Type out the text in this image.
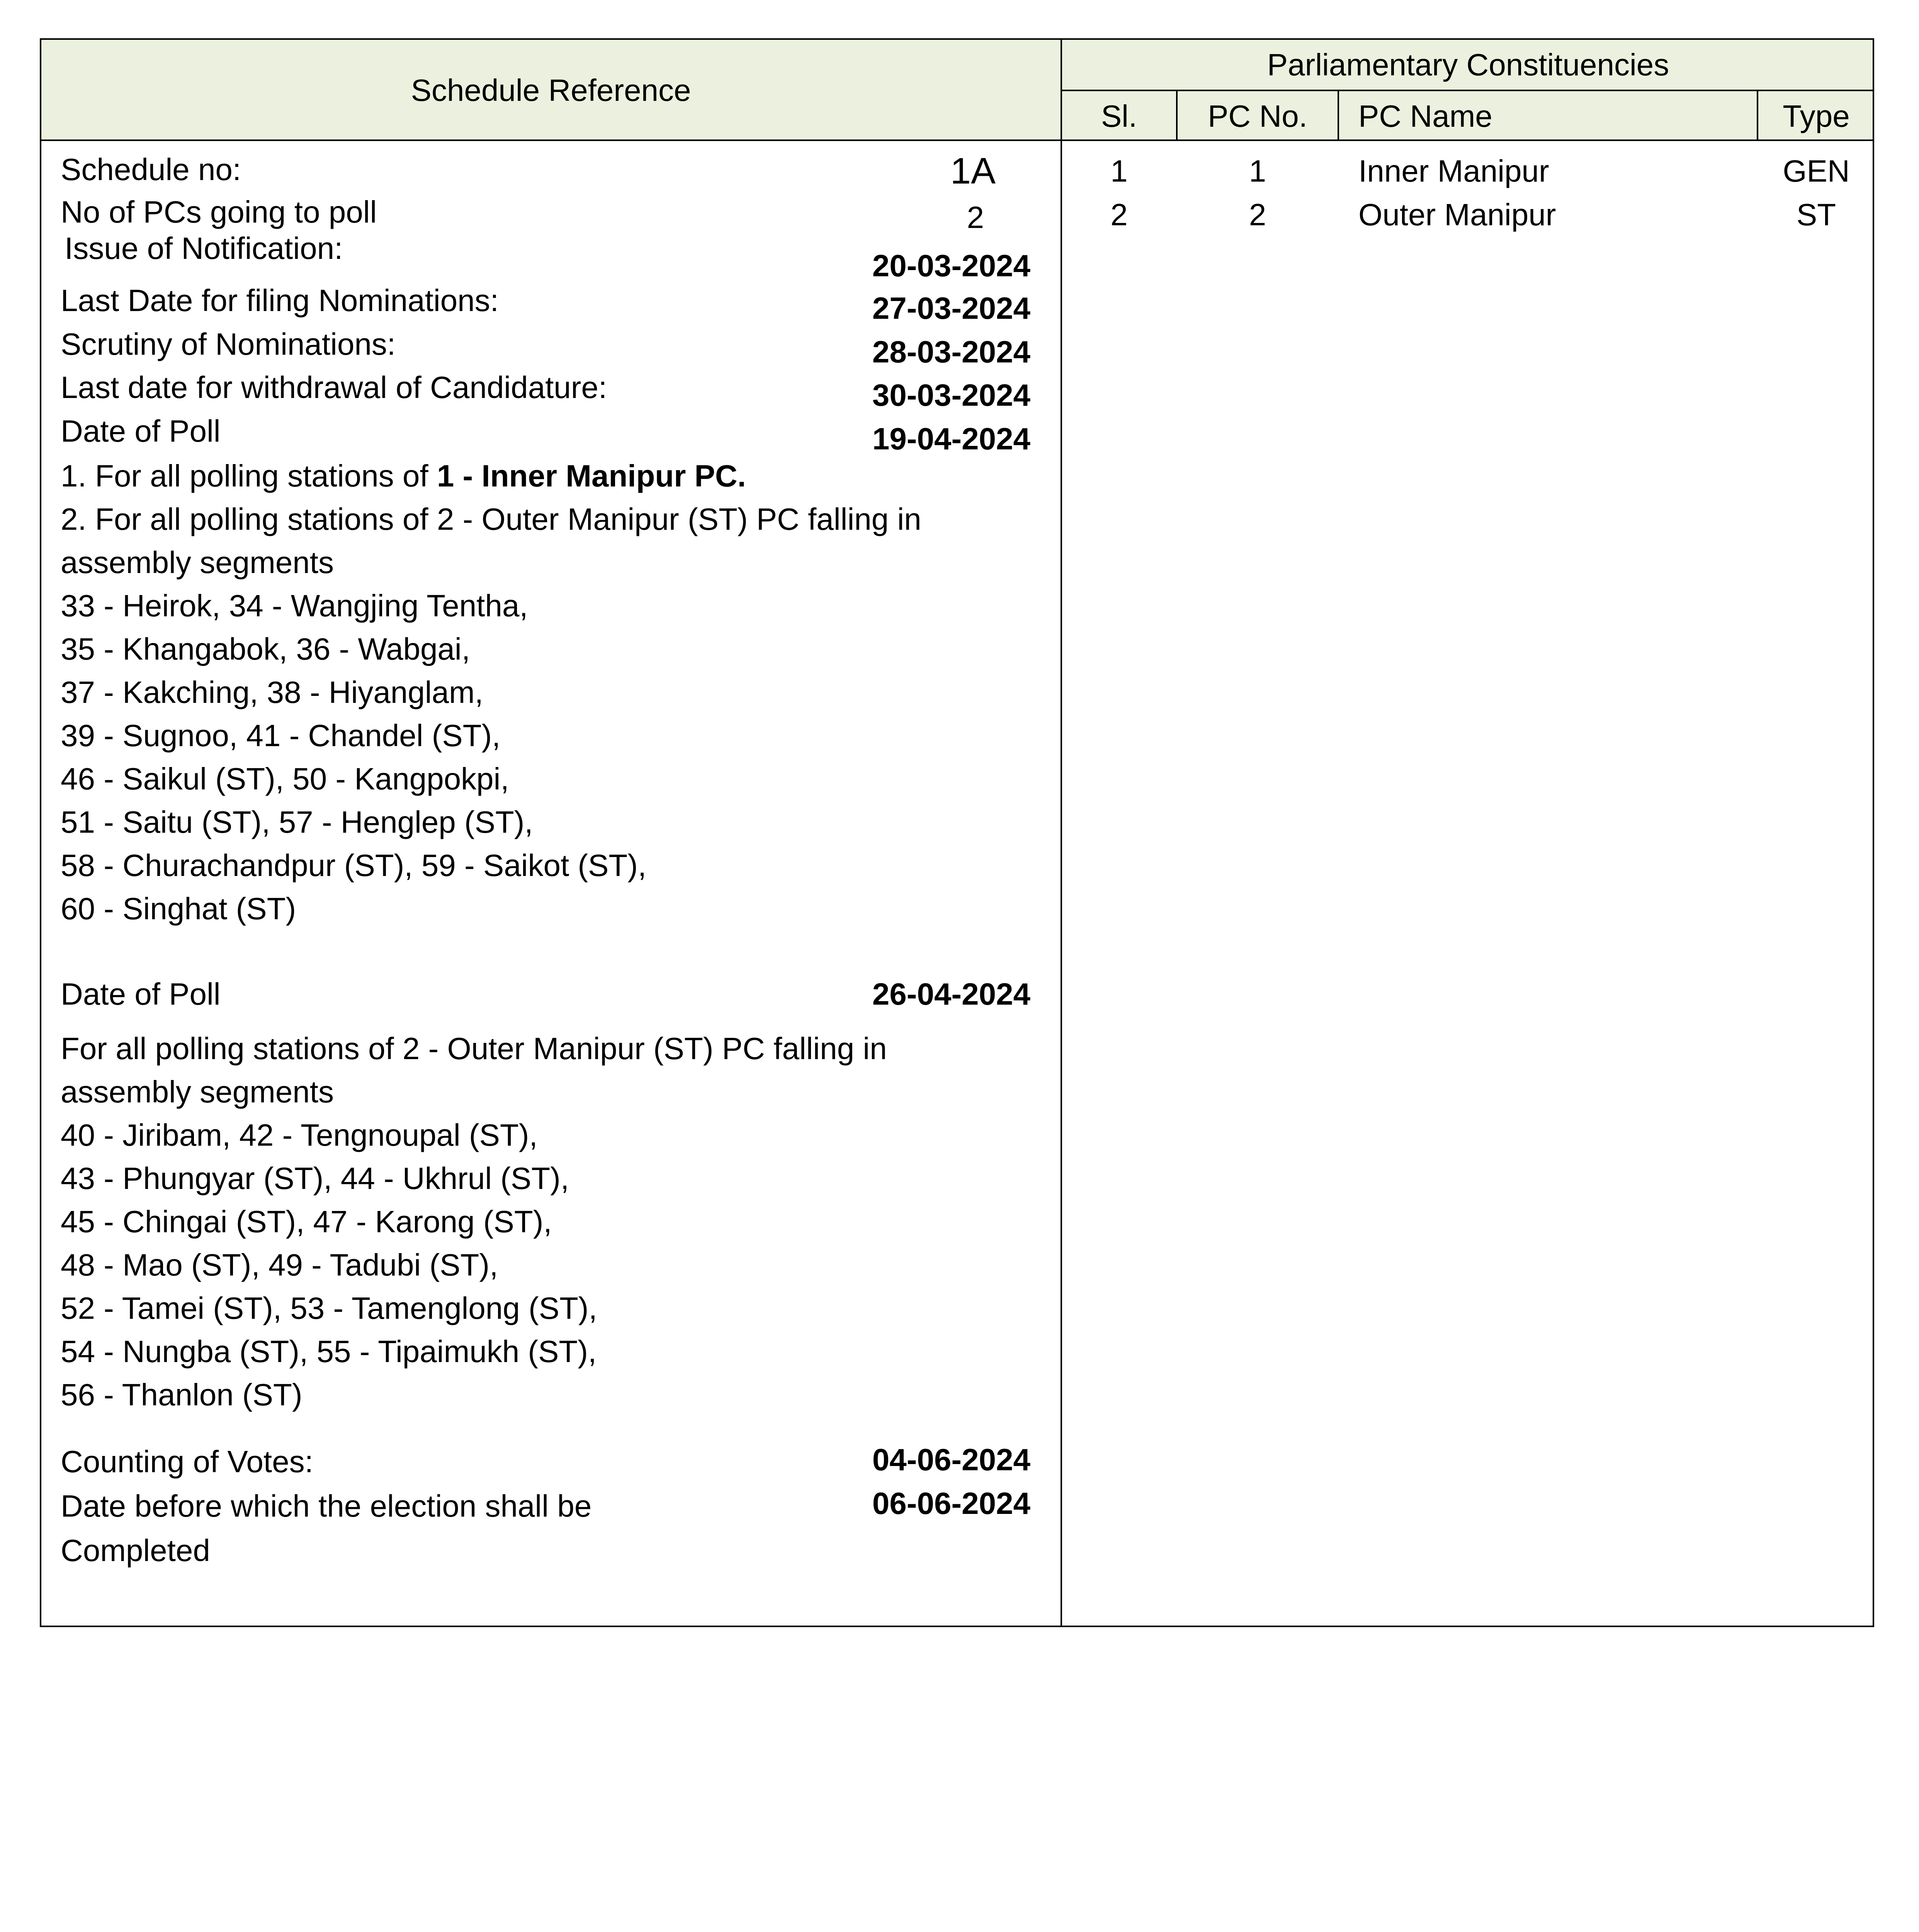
Schedule Reference
Parliamentary Constituencies
Sl.	PC No.	PC Name	Type
Schedule no:	1A
No of PCs going to poll	2
Issue of Notification:
20-03-2024
Last Date for filing Nominations:	27-03-2024
Scrutiny of Nominations:	28-03-2024
Last date for withdrawal of Candidature:	30-03-2024
Date of Poll	19-04-2024
1. For all polling stations of 1 - Inner Manipur PC.
2. For all polling stations of 2 - Outer Manipur (ST) PC falling in
assembly segments
33 - Heirok, 34 - Wangjing Tentha,
35 - Khangabok, 36 - Wabgai,
37 - Kakching, 38 - Hiyanglam,
39 - Sugnoo, 41 - Chandel (ST),
46 - Saikul (ST), 50 - Kangpokpi,
51 - Saitu (ST), 57 - Henglep (ST),
58 - Churachandpur (ST), 59 - Saikot (ST),
60 - Singhat (ST)
Date of Poll	26-04-2024
For all polling stations of 2 - Outer Manipur (ST) PC falling in
assembly segments
40 - Jiribam, 42 - Tengnoupal (ST),
43 - Phungyar (ST), 44 - Ukhrul (ST),
45 - Chingai (ST), 47 - Karong (ST),
48 - Mao (ST), 49 - Tadubi (ST),
52 - Tamei (ST), 53 - Tamenglong (ST),
54 - Nungba (ST), 55 - Tipaimukh (ST),
56 - Thanlon (ST)
Counting of Votes:	04-06-2024
Date before which the election shall be	06-06-2024
Completed
1	1	Inner Manipur	GEN
2	2	Outer Manipur	ST
